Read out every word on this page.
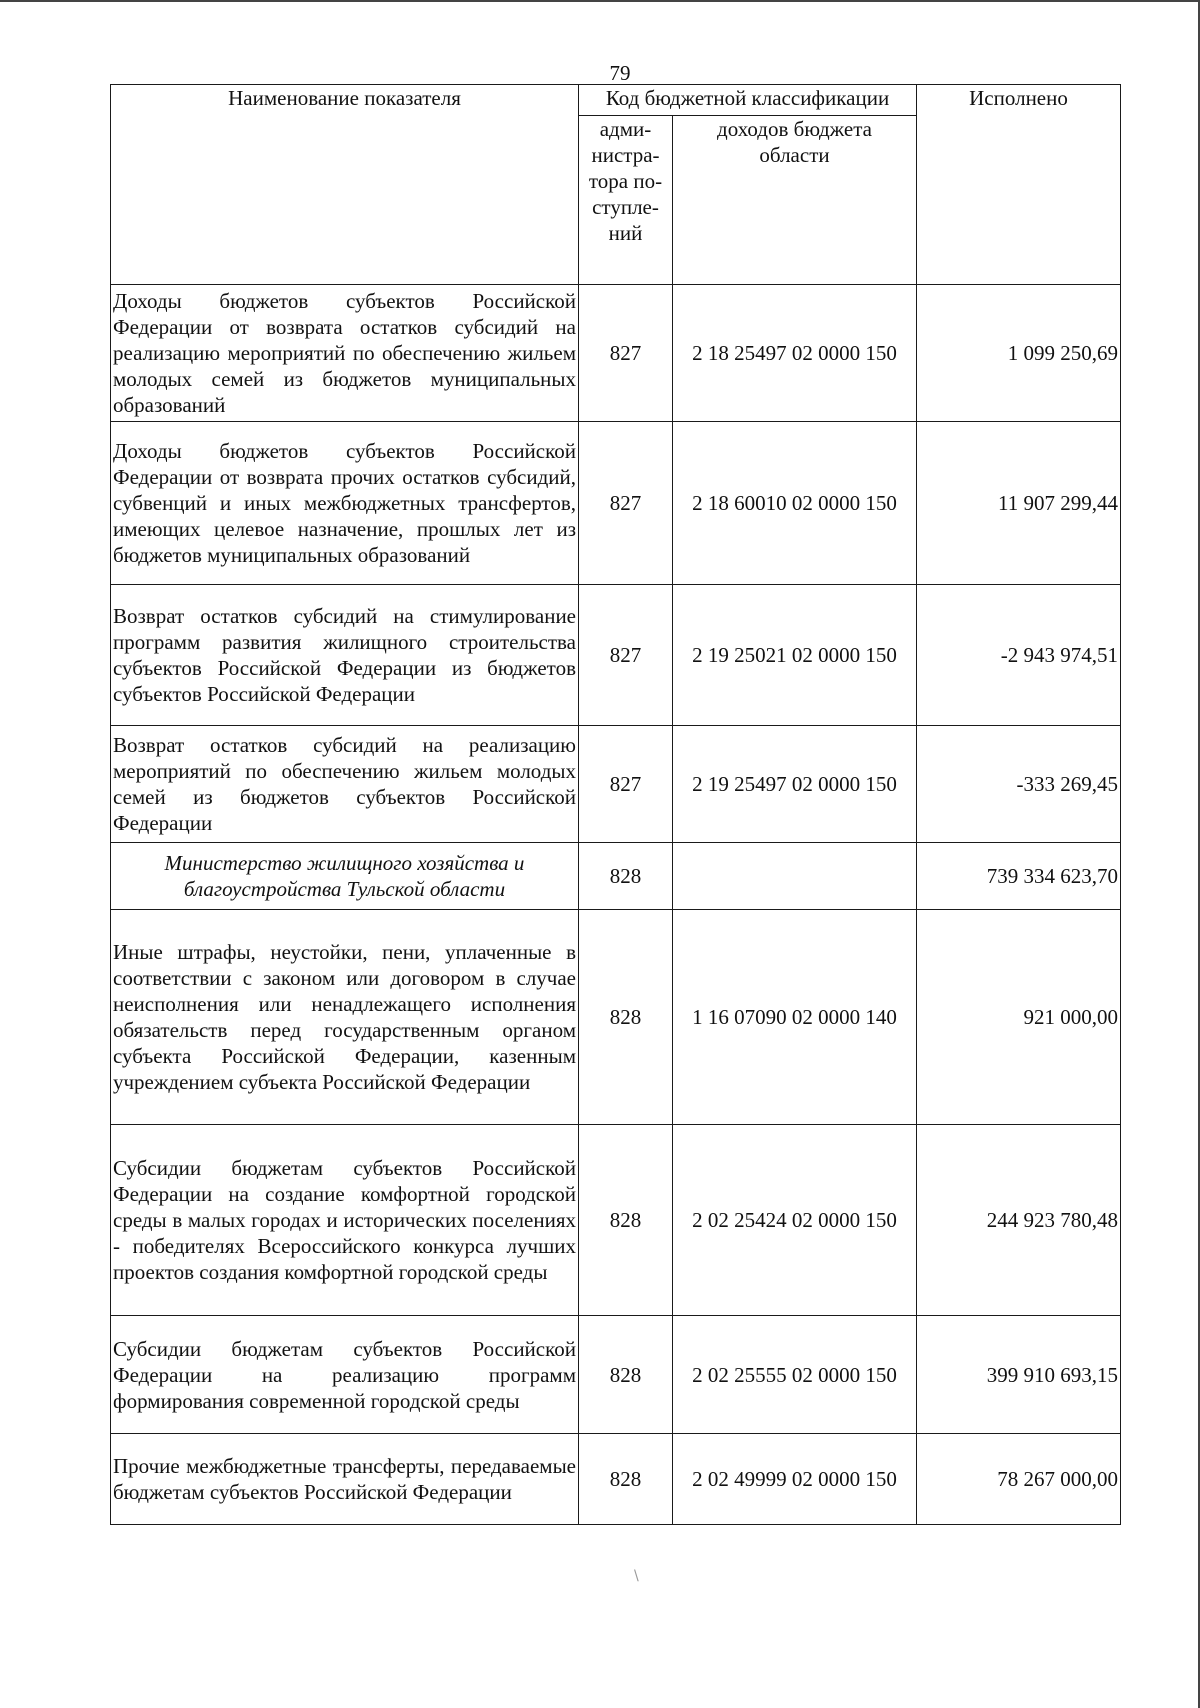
79
Наименование показателя	Код бюджетной классификации		Исполнено
	адми-
нистра-
тора по-
ступле-
ний	доходов бюджета
области	
Доходы бюджетов субъектов Российской Федерации от возврата остатков субсидий на реализацию мероприятий по обеспечению жильем молодых семей из бюджетов муниципальных образований	827	2 18 25497 02 0000 150	1 099 250,69
Доходы бюджетов субъектов Российской Федерации от возврата прочих остатков субсидий, субвенций и иных межбюджетных трансфертов, имеющих целевое назначение, прошлых лет из бюджетов муниципальных образований	827	2 18 60010 02 0000 150	11 907 299,44
Возврат остатков субсидий на стимулирование программ развития жилищного строительства субъектов Российской Федерации из бюджетов субъектов Российской Федерации	827	2 19 25021 02 0000 150	-2 943 974,51
Возврат остатков субсидий на реализацию мероприятий по обеспечению жильем молодых семей из бюджетов субъектов Российской Федерации	827	2 19 25497 02 0000 150	-333 269,45
Министерство жилищного хозяйства и благоустройства Тульской области	828		739 334 623,70
Иные штрафы, неустойки, пени, уплаченные в соответствии с законом или договором в случае неисполнения или ненадлежащего исполнения обязательств перед государственным органом субъекта Российской Федерации, казенным учреждением субъекта Российской Федерации	828	1 16 07090 02 0000 140	921 000,00
Субсидии бюджетам субъектов Российской Федерации на создание комфортной городской среды в малых городах и исторических поселениях - победителях Всероссийского конкурса лучших проектов создания комфортной городской среды	828	2 02 25424 02 0000 150	244 923 780,48
Субсидии бюджетам субъектов Российской Федерации на реализацию программ формирования современной городской среды	828	2 02 25555 02 0000 150	399 910 693,15
Прочие межбюджетные трансферты, передаваемые бюджетам субъектов Российской Федерации	828	2 02 49999 02 0000 150	78 267 000,00
\
